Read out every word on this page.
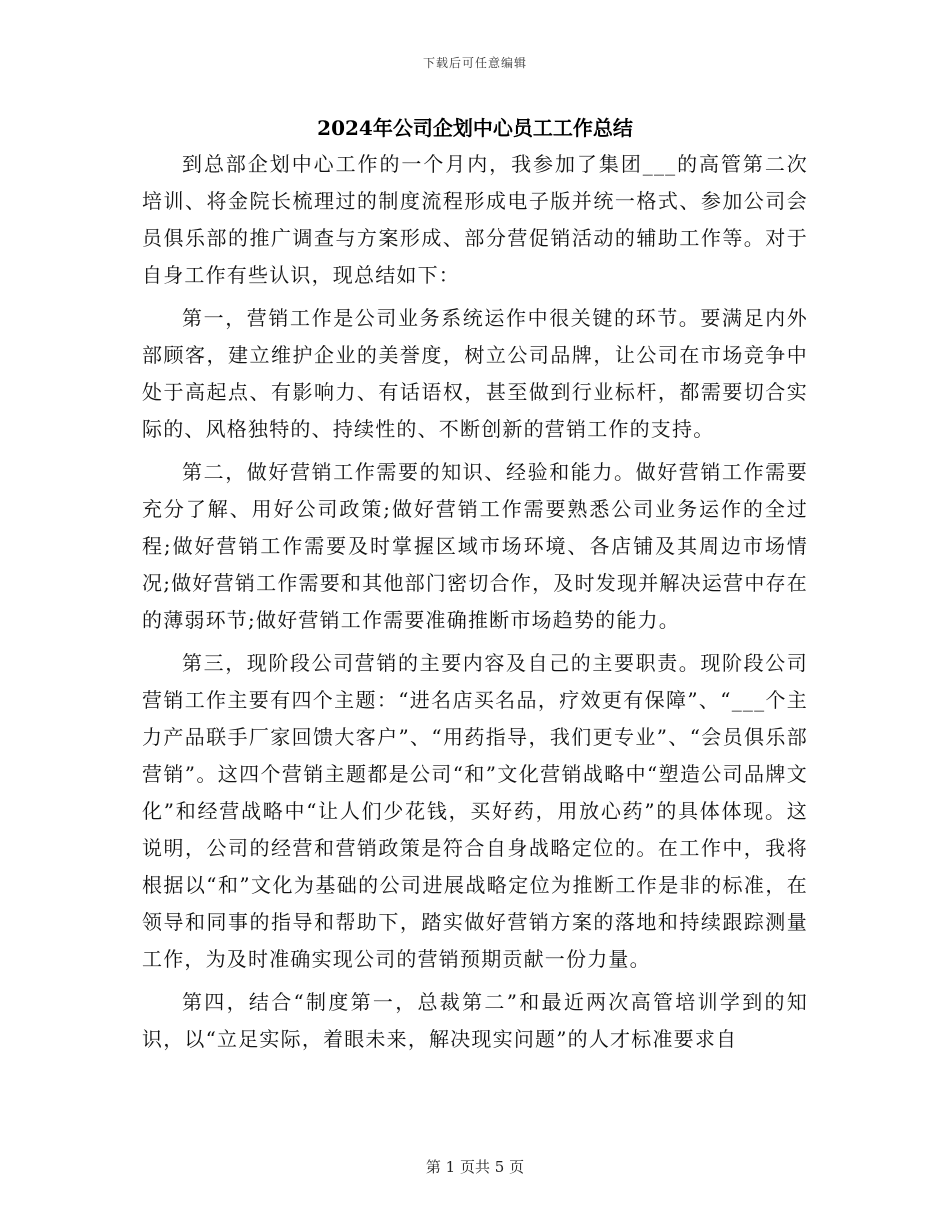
下载后可任意编辑
2024年公司企划中心员工工作总结

到总部企划中心工作的一个月内，我参加了集团___的高管第二次培训、将金院长梳理过的制度流程形成电子版并统一格式、参加公司会员俱乐部的推广调查与方案形成、部分营促销活动的辅助工作等。对于自身工作有些认识，现总结如下：

第一，营销工作是公司业务系统运作中很关键的环节。要满足内外部顾客，建立维护企业的美誉度，树立公司品牌，让公司在市场竞争中处于高起点、有影响力、有话语权，甚至做到行业标杆，都需要切合实际的、风格独特的、持续性的、不断创新的营销工作的支持。

第二，做好营销工作需要的知识、经验和能力。做好营销工作需要充分了解、用好公司政策;做好营销工作需要熟悉公司业务运作的全过程;做好营销工作需要及时掌握区域市场环境、各店铺及其周边市场情况;做好营销工作需要和其他部门密切合作，及时发现并解决运营中存在的薄弱环节;做好营销工作需要准确推断市场趋势的能力。

第三，现阶段公司营销的主要内容及自己的主要职责。现阶段公司营销工作主要有四个主题：“进名店买名品，疗效更有保障”、“___个主力产品联手厂家回馈大客户”、“用药指导，我们更专业”、“会员俱乐部营销”。这四个营销主题都是公司“和”文化营销战略中“塑造公司品牌文化”和经营战略中“让人们少花钱，买好药，用放心药”的具体体现。这说明，公司的经营和营销政策是符合自身战略定位的。在工作中，我将根据以“和”文化为基础的公司进展战略定位为推断工作是非的标准，在领导和同事的指导和帮助下，踏实做好营销方案的落地和持续跟踪测量工作，为及时准确实现公司的营销预期贡献一份力量。

第四，结合“制度第一，总裁第二”和最近两次高管培训学到的知识，以“立足实际，着眼未来，解决现实问题”的人才标准要求自

第 1 页共 5 页
